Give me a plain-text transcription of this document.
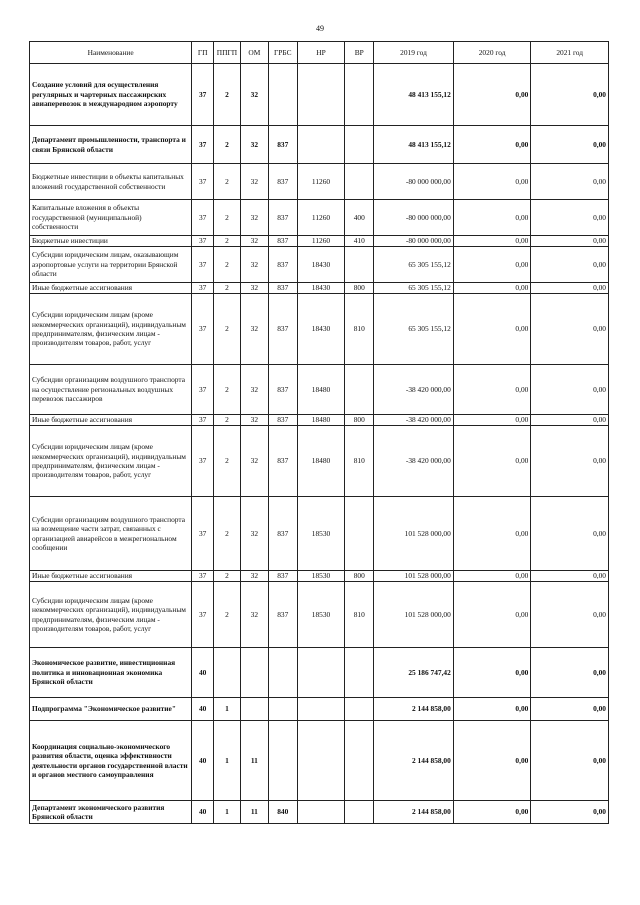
49
Наименование	ГП	ППГП	ОМ	ГРБС	НР	ВР	2019 год	2020 год	2021 год
Создание условий для осуществления регулярных и чартерных пассажирских авиаперевозок в международном аэропорту	37	2	32				48 413 155,12	0,00	0,00
Департамент промышленности, транспорта и связи Брянской области	37	2	32	837			48 413 155,12	0,00	0,00
Бюджетные инвестиции в объекты капитальных вложений государственной собственности	37	2	32	837	11260		-80 000 000,00	0,00	0,00
Капитальные вложения в объекты государственной (муниципальной) собственности	37	2	32	837	11260	400	-80 000 000,00	0,00	0,00
Бюджетные инвестиции	37	2	32	837	11260	410	-80 000 000,00	0,00	0,00
Субсидии юридическим лицам, оказывающим аэропортовые услуги на территории Брянской области	37	2	32	837	18430		65 305 155,12	0,00	0,00
Иные бюджетные ассигнования	37	2	32	837	18430	800	65 305 155,12	0,00	0,00
Субсидии юридическим лицам (кроме некоммерческих организаций), индивидуальным предпринимателям, физическим лицам - производителям товаров, работ, услуг	37	2	32	837	18430	810	65 305 155,12	0,00	0,00
Субсидии организациям воздушного транспорта на осуществление региональных воздушных перевозок пассажиров	37	2	32	837	18480		-38 420 000,00	0,00	0,00
Иные бюджетные ассигнования	37	2	32	837	18480	800	-38 420 000,00	0,00	0,00
Субсидии юридическим лицам (кроме некоммерческих организаций), индивидуальным предпринимателям, физическим лицам - производителям товаров, работ, услуг	37	2	32	837	18480	810	-38 420 000,00	0,00	0,00
Субсидии организациям воздушного транспорта на возмещение части затрат, связанных с организацией авиарейсов в межрегиональном сообщении	37	2	32	837	18530		101 528 000,00	0,00	0,00
Иные бюджетные ассигнования	37	2	32	837	18530	800	101 528 000,00	0,00	0,00
Субсидии юридическим лицам (кроме некоммерческих организаций), индивидуальным предпринимателям, физическим лицам - производителям товаров, работ, услуг	37	2	32	837	18530	810	101 528 000,00	0,00	0,00
Экономическое развитие, инвестиционная политика и инновационная экономика Брянской области	40						25 186 747,42	0,00	0,00
Подпрограмма "Экономическое развитие"	40	1					2 144 858,00	0,00	0,00
Координация социально-экономического развития области, оценка эффективности деятельности органов государственной власти и органов местного самоуправления	40	1	11				2 144 858,00	0,00	0,00
Департамент экономического развития Брянской области	40	1	11	840			2 144 858,00	0,00	0,00
